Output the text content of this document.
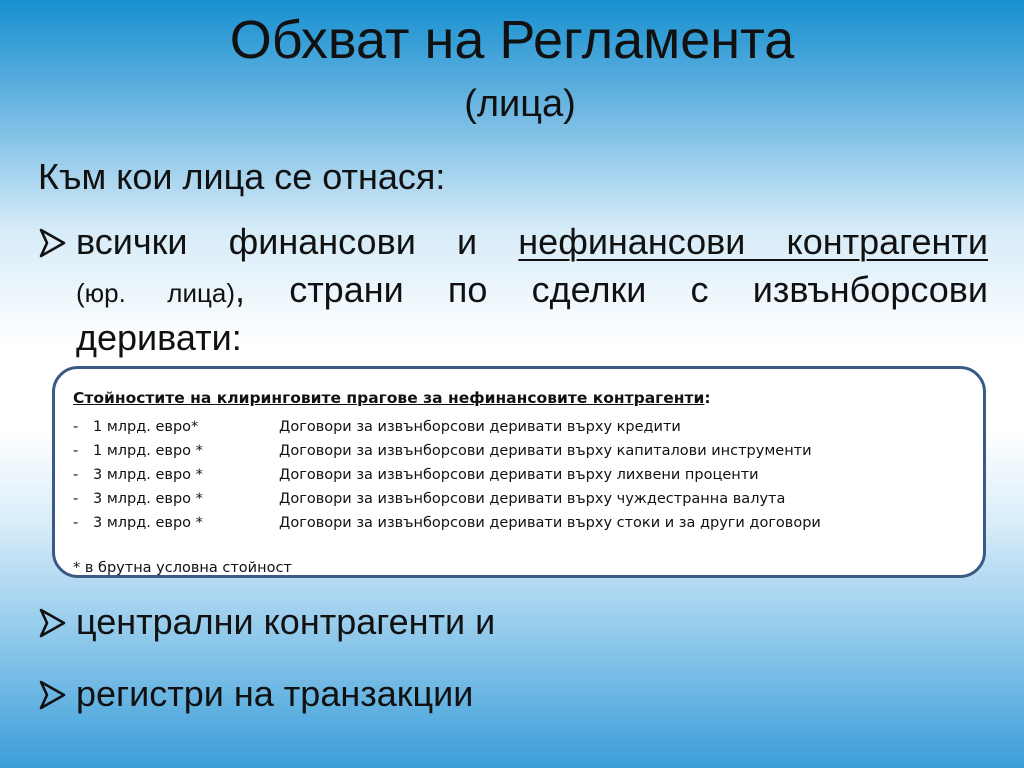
Обхват на Регламента
(лица)
Към кои лица се отнася:
всички финансови и нефинансови контрагенти
(юр. лица), страни по сделки с извънборсови
деривати:
Стойностите на клиринговите прагове за нефинансовите контрагенти:
- 1 млрд. евро*	Договори за извънборсови деривати върху кредити
- 1 млрд. евро *	Договори за извънборсови деривати върху капиталови инструменти
- 3 млрд. евро *	Договори за извънборсови деривати върху лихвени проценти
- 3 млрд. евро *	Договори за извънборсови деривати върху чуждестранна валута
- 3 млрд. евро *	Договори за извънборсови деривати върху стоки и за други договори
* в брутна условна стойност
централни контрагенти и
регистри на транзакции
